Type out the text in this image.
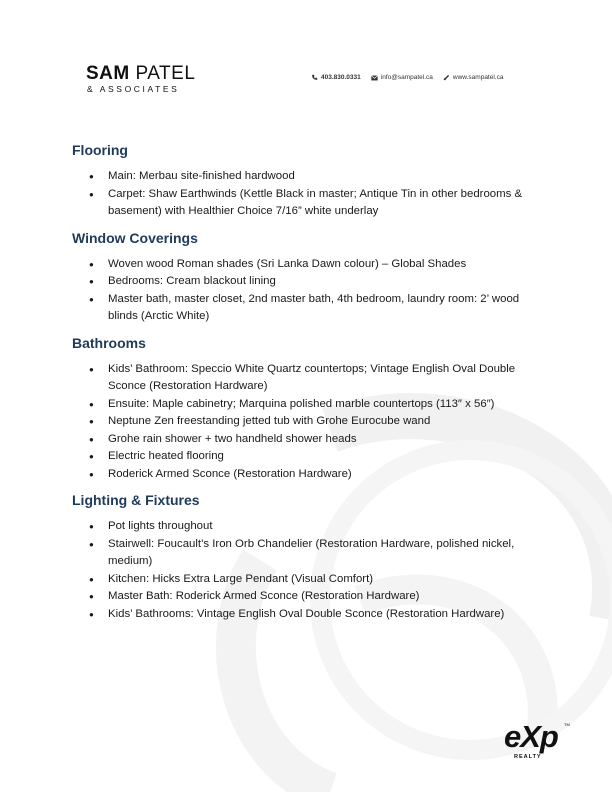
SAM PATEL
& ASSOCIATES
403.830.0331	info@sampatel.ca	www.sampatel.ca
Flooring
● Main: Merbau site-finished hardwood
● Carpet: Shaw Earthwinds (Kettle Black in master; Antique Tin in other bedrooms & basement) with Healthier Choice 7/16” white underlay
Window Coverings
● Woven wood Roman shades (Sri Lanka Dawn colour) – Global Shades
● Bedrooms: Cream blackout lining
● Master bath, master closet, 2nd master bath, 4th bedroom, laundry room: 2’ wood blinds (Arctic White)
Bathrooms
● Kids’ Bathroom: Speccio White Quartz countertops; Vintage English Oval Double Sconce (Restoration Hardware)
● Ensuite: Maple cabinetry; Marquina polished marble countertops (113″ x 56″)
● Neptune Zen freestanding jetted tub with Grohe Eurocube wand
● Grohe rain shower + two handheld shower heads
● Electric heated flooring
● Roderick Armed Sconce (Restoration Hardware)
Lighting & Fixtures
● Pot lights throughout
● Stairwell: Foucault’s Iron Orb Chandelier (Restoration Hardware, polished nickel, medium)
● Kitchen: Hicks Extra Large Pendant (Visual Comfort)
● Master Bath: Roderick Armed Sconce (Restoration Hardware)
● Kids’ Bathrooms: Vintage English Oval Double Sconce (Restoration Hardware)
eXp TM
REALTY
